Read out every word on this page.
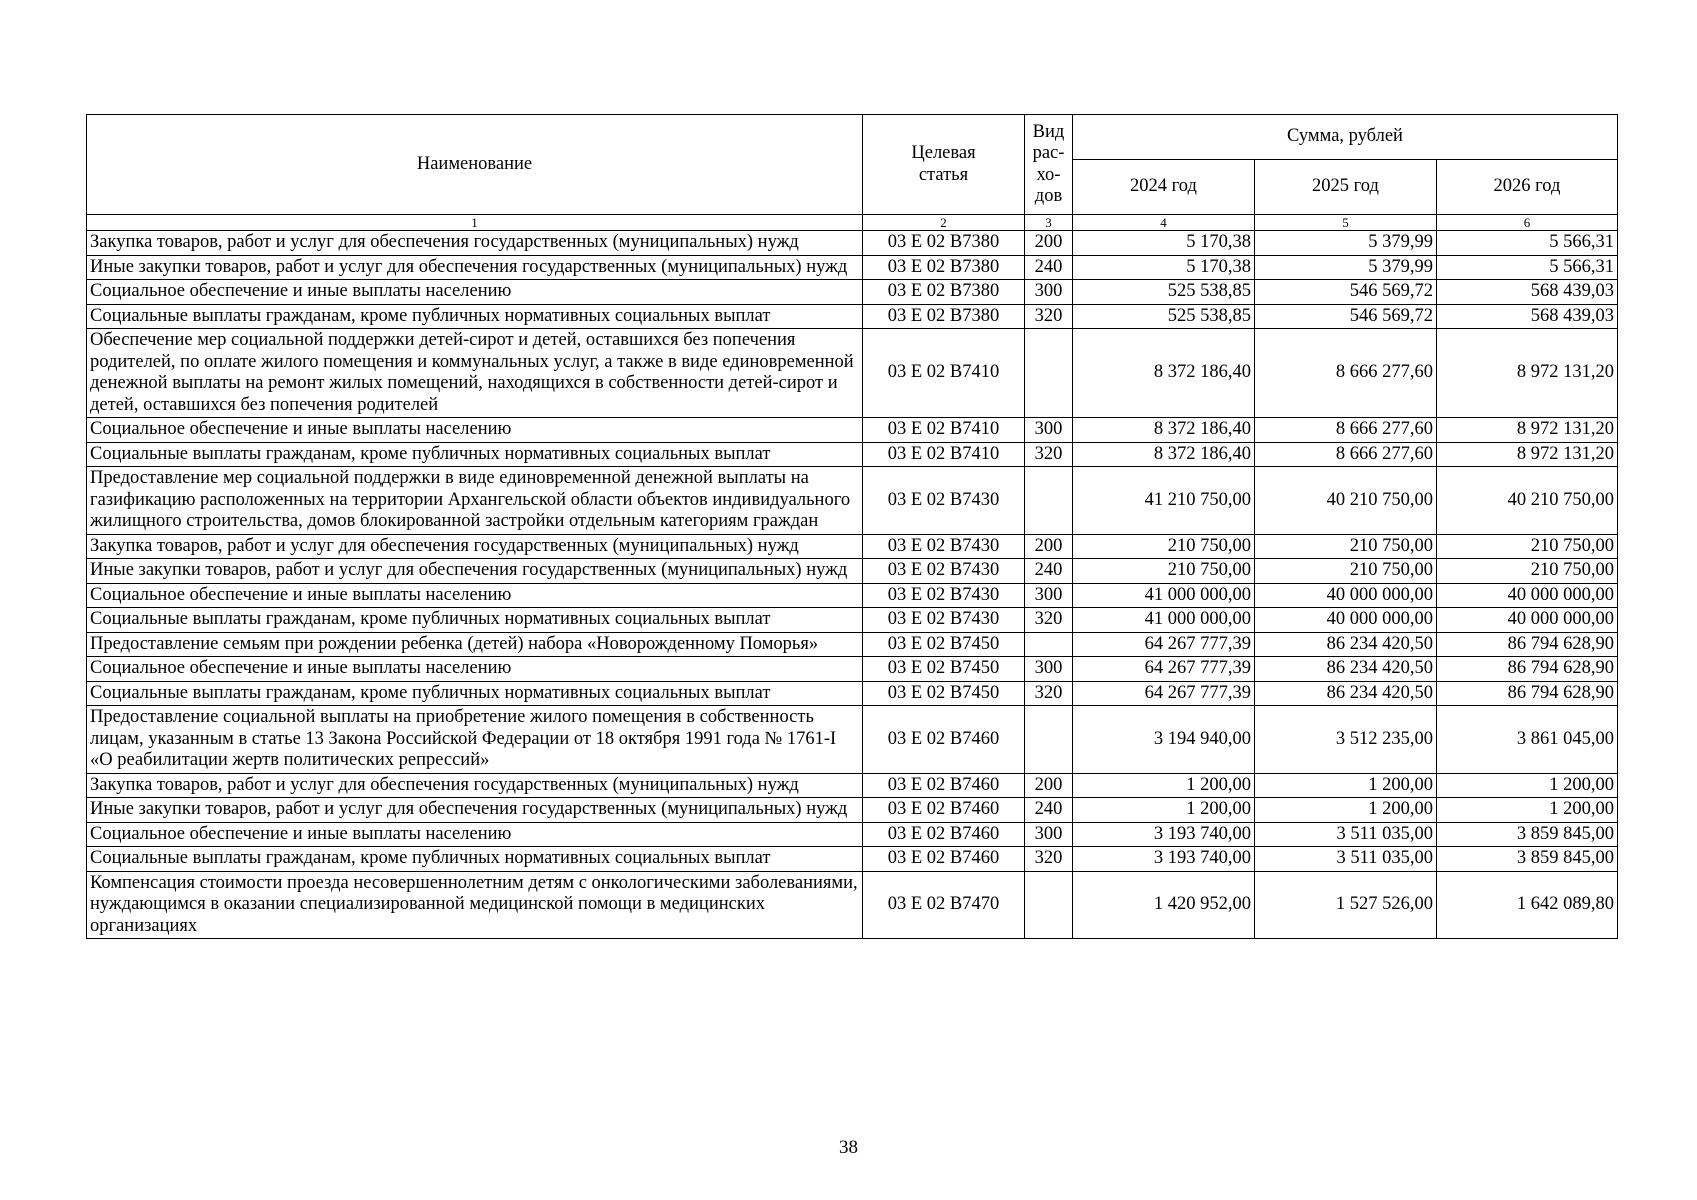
Наименование	Целевая статья	Вид
рас-
хо-
дов	Сумма, рублей		
			2024 год	2025 год	2026 год
1	2	3	4	5	6
Закупка товаров, работ и услуг для обеспечения государственных (муниципальных) нужд	03 Е 02 В7380	200	5 170,38	5 379,99	5 566,31
Иные закупки товаров, работ и услуг для обеспечения государственных (муниципальных) нужд	03 Е 02 В7380	240	5 170,38	5 379,99	5 566,31
Социальное обеспечение и иные выплаты населению	03 Е 02 В7380	300	525 538,85	546 569,72	568 439,03
Социальные выплаты гражданам, кроме публичных нормативных социальных выплат	03 Е 02 В7380	320	525 538,85	546 569,72	568 439,03
Обеспечение мер социальной поддержки детей-сирот и детей, оставшихся без попечения родителей, по оплате жилого помещения и коммунальных услуг, а также в виде единовременной денежной выплаты на ремонт жилых помещений, находящихся в собственности детей-сирот и детей, оставшихся без попечения родителей	03 Е 02 В7410		8 372 186,40	8 666 277,60	8 972 131,20
Социальное обеспечение и иные выплаты населению	03 Е 02 В7410	300	8 372 186,40	8 666 277,60	8 972 131,20
Социальные выплаты гражданам, кроме публичных нормативных социальных выплат	03 Е 02 В7410	320	8 372 186,40	8 666 277,60	8 972 131,20
Предоставление мер социальной поддержки в виде единовременной денежной выплаты на газификацию расположенных на территории Архангельской области объектов индивидуального жилищного строительства, домов блокированной застройки отдельным категориям граждан	03 Е 02 В7430		41 210 750,00	40 210 750,00	40 210 750,00
Закупка товаров, работ и услуг для обеспечения государственных (муниципальных) нужд	03 Е 02 В7430	200	210 750,00	210 750,00	210 750,00
Иные закупки товаров, работ и услуг для обеспечения государственных (муниципальных) нужд	03 Е 02 В7430	240	210 750,00	210 750,00	210 750,00
Социальное обеспечение и иные выплаты населению	03 Е 02 В7430	300	41 000 000,00	40 000 000,00	40 000 000,00
Социальные выплаты гражданам, кроме публичных нормативных социальных выплат	03 Е 02 В7430	320	41 000 000,00	40 000 000,00	40 000 000,00
Предоставление семьям при рождении ребенка (детей) набора «Новорожденному Поморья»	03 Е 02 В7450		64 267 777,39	86 234 420,50	86 794 628,90
Социальное обеспечение и иные выплаты населению	03 Е 02 В7450	300	64 267 777,39	86 234 420,50	86 794 628,90
Социальные выплаты гражданам, кроме публичных нормативных социальных выплат	03 Е 02 В7450	320	64 267 777,39	86 234 420,50	86 794 628,90
Предоставление социальной выплаты на приобретение жилого помещения в собственность лицам, указанным в статье 13 Закона Российской Федерации от 18 октября 1991 года № 1761-I «О реабилитации жертв политических репрессий»	03 Е 02 В7460		3 194 940,00	3 512 235,00	3 861 045,00
Закупка товаров, работ и услуг для обеспечения государственных (муниципальных) нужд	03 Е 02 В7460	200	1 200,00	1 200,00	1 200,00
Иные закупки товаров, работ и услуг для обеспечения государственных (муниципальных) нужд	03 Е 02 В7460	240	1 200,00	1 200,00	1 200,00
Социальное обеспечение и иные выплаты населению	03 Е 02 В7460	300	3 193 740,00	3 511 035,00	3 859 845,00
Социальные выплаты гражданам, кроме публичных нормативных социальных выплат	03 Е 02 В7460	320	3 193 740,00	3 511 035,00	3 859 845,00
Компенсация стоимости проезда несовершеннолетним детям с онкологическими заболеваниями, нуждающимся в оказании специализированной медицинской помощи в медицинских организациях	03 Е 02 В7470		1 420 952,00	1 527 526,00	1 642 089,80
38
